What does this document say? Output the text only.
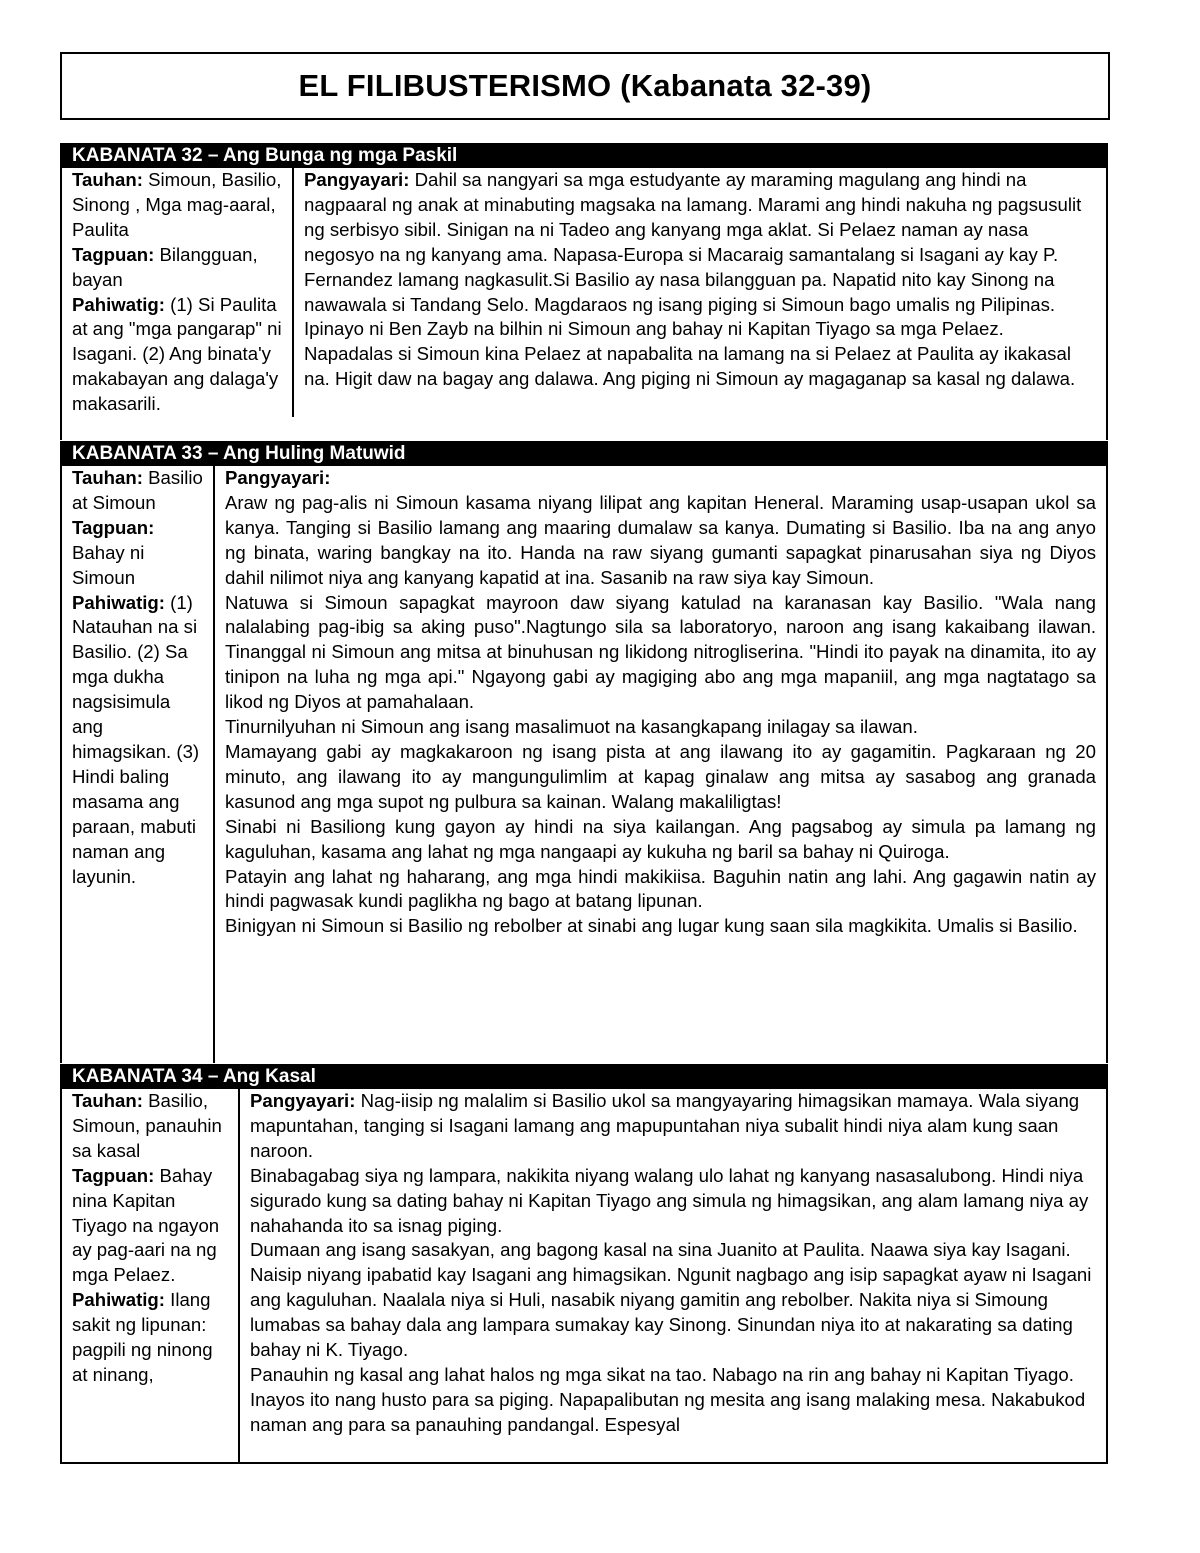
EL FILIBUSTERISMO (Kabanata 32-39)
KABANATA 32 – Ang Bunga ng mga Paskil

Tauhan: Simoun, Basilio, Sinong , Mga mag-aaral, Paulita

Tagpuan: Bilangguan, bayan

Pahiwatig: (1) Si Paulita at ang "mga pangarap" ni Isagani. (2) Ang binata'y makabayan ang dalaga'y makasarili.

Pangyayari: Dahil sa nangyari sa mga estudyante ay maraming magulang ang hindi na nagpaaral ng anak at minabuting magsaka na lamang. Marami ang hindi nakuha ng pagsusulit ng serbisyo sibil. Sinigan na ni Tadeo ang kanyang mga aklat. Si Pelaez naman ay nasa negosyo na ng kanyang ama. Napasa-Europa si Macaraig samantalang si Isagani ay kay P. Fernandez lamang nagkasulit.Si Basilio ay nasa bilangguan pa. Napatid nito kay Sinong na nawawala si Tandang Selo. Magdaraos ng isang piging si Simoun bago umalis ng Pilipinas. Ipinayo ni Ben Zayb na bilhin ni Simoun ang bahay ni Kapitan Tiyago sa mga Pelaez. Napadalas si Simoun kina Pelaez at napabalita na lamang na si Pelaez at Paulita ay ikakasal na. Higit daw na bagay ang dalawa. Ang piging ni Simoun ay magaganap sa kasal ng dalawa.

KABANATA 33 – Ang Huling Matuwid

Tauhan: Basilio at Simoun

Tagpuan: Bahay ni Simoun

Pahiwatig: (1) Natauhan na si Basilio. (2) Sa mga dukha nagsisimula ang himagsikan. (3) Hindi baling masama ang paraan, mabuti naman ang layunin.

Pangyayari:

Araw ng pag-alis ni Simoun kasama niyang lilipat ang kapitan Heneral. Maraming usap-usapan ukol sa kanya. Tanging si Basilio lamang ang maaring dumalaw sa kanya. Dumating si Basilio. Iba na ang anyo ng binata, waring bangkay na ito. Handa na raw siyang gumanti sapagkat pinarusahan siya ng Diyos dahil nilimot niya ang kanyang kapatid at ina. Sasanib na raw siya kay Simoun.

Natuwa si Simoun sapagkat mayroon daw siyang katulad na karanasan kay Basilio. "Wala nang nalalabing pag-ibig sa aking puso".Nagtungo sila sa laboratoryo, naroon ang isang kakaibang ilawan. Tinanggal ni Simoun ang mitsa at binuhusan ng likidong nitrogliserina. "Hindi ito payak na dinamita, ito ay tinipon na luha ng mga api." Ngayong gabi ay magiging abo ang mga mapaniil, ang mga nagtatago sa likod ng Diyos at pamahalaan.

Tinurnilyuhan ni Simoun ang isang masalimuot na kasangkapang inilagay sa ilawan.

Mamayang gabi ay magkakaroon ng isang pista at ang ilawang ito ay gagamitin. Pagkaraan ng 20 minuto, ang ilawang ito ay mangungulimlim at kapag ginalaw ang mitsa ay sasabog ang granada kasunod ang mga supot ng pulbura sa kainan. Walang makaliligtas!

Sinabi ni Basiliong kung gayon ay hindi na siya kailangan. Ang pagsabog ay simula pa lamang ng kaguluhan, kasama ang lahat ng mga nangaapi ay kukuha ng baril sa bahay ni Quiroga.

Patayin ang lahat ng haharang, ang mga hindi makikiisa. Baguhin natin ang lahi. Ang gagawin natin ay hindi pagwasak kundi paglikha ng bago at batang lipunan.

Binigyan ni Simoun si Basilio ng rebolber at sinabi ang lugar kung saan sila magkikita. Umalis si Basilio.

KABANATA 34 – Ang Kasal

Tauhan: Basilio, Simoun, panauhin sa kasal

Tagpuan: Bahay nina Kapitan Tiyago na ngayon ay pag-aari na ng mga Pelaez.

Pahiwatig: Ilang sakit ng lipunan: pagpili ng ninong at ninang,

Pangyayari: Nag-iisip ng malalim si Basilio ukol sa mangyayaring himagsikan mamaya. Wala siyang mapuntahan, tanging si Isagani lamang ang mapupuntahan niya subalit hindi niya alam kung saan naroon.

Binabagabag siya ng lampara, nakikita niyang walang ulo lahat ng kanyang nasasalubong. Hindi niya sigurado kung sa dating bahay ni Kapitan Tiyago ang simula ng himagsikan, ang alam lamang niya ay nahahanda ito sa isnag piging.

Dumaan ang isang sasakyan, ang bagong kasal na sina Juanito at Paulita. Naawa siya kay Isagani.

Naisip niyang ipabatid kay Isagani ang himagsikan. Ngunit nagbago ang isip sapagkat ayaw ni Isagani ang kaguluhan. Naalala niya si Huli, nasabik niyang gamitin ang rebolber. Nakita niya si Simoung lumabas sa bahay dala ang lampara sumakay kay Sinong. Sinundan niya ito at nakarating sa dating bahay ni K. Tiyago.

Panauhin ng kasal ang lahat halos ng mga sikat na tao. Nabago na rin ang bahay ni Kapitan Tiyago. Inayos ito nang husto para sa piging. Napapalibutan ng mesita ang isang malaking mesa. Nakabukod naman ang para sa panauhing pandangal. Espesyal
